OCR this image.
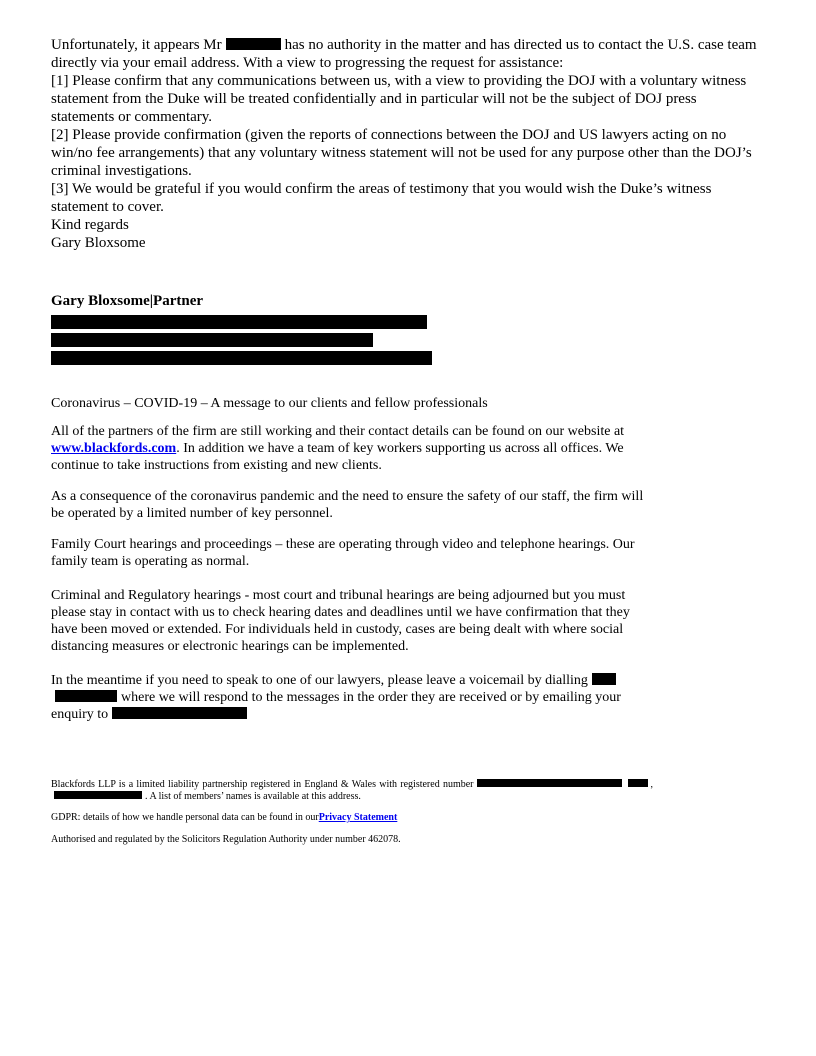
Unfortunately, it appears Mr	has no authority in the matter and has directed us to contact the U.S. case team directly via your email address. With a view to progressing the request for assistance:

[1] Please confirm that any communications between us, with a view to providing the DOJ with a voluntary witness statement from the Duke will be treated confidentially and in particular will not be the subject of DOJ press statements or commentary.

[2] Please provide confirmation (given the reports of connections between the DOJ and US lawyers acting on no win/no fee arrangements) that any voluntary witness statement will not be used for any purpose other than the DOJ’s criminal investigations.

[3] We would be grateful if you would confirm the areas of testimony that you would wish the Duke’s witness statement to cover.

Kind regards

Gary Bloxsome

Gary Bloxsome|Partner

Coronavirus – COVID-19 – A message to our clients and fellow professionals

All of the partners of the firm are still working and their contact details can be found on our website at www.blackfords.com. In addition we have a team of key workers supporting us across all offices. We continue to take instructions from existing and new clients.

As a consequence of the coronavirus pandemic and the need to ensure the safety of our staff, the firm will be operated by a limited number of key personnel.

Family Court hearings and proceedings – these are operating through video and telephone hearings. Our family team is operating as normal.

Criminal and Regulatory hearings - most court and tribunal hearings are being adjourned but you must please stay in contact with us to check hearing dates and deadlines until we have confirmation that they have been moved or extended. For individuals held in custody, cases are being dealt with where social distancing measures or electronic hearings can be implemented.

In the meantime if you need to speak to one of our lawyers, please leave a voicemail by diallingwhere we will respond to the messages in the order they are received or by emailing your enquiry to

Blackfords LLP is a limited liability partnership registered in England & Wales with registered number	,. A list of members’ names is available at this address.

GDPR: details of how we handle personal data can be found in ourPrivacy Statement

Authorised and regulated by the Solicitors Regulation Authority under number 462078.
